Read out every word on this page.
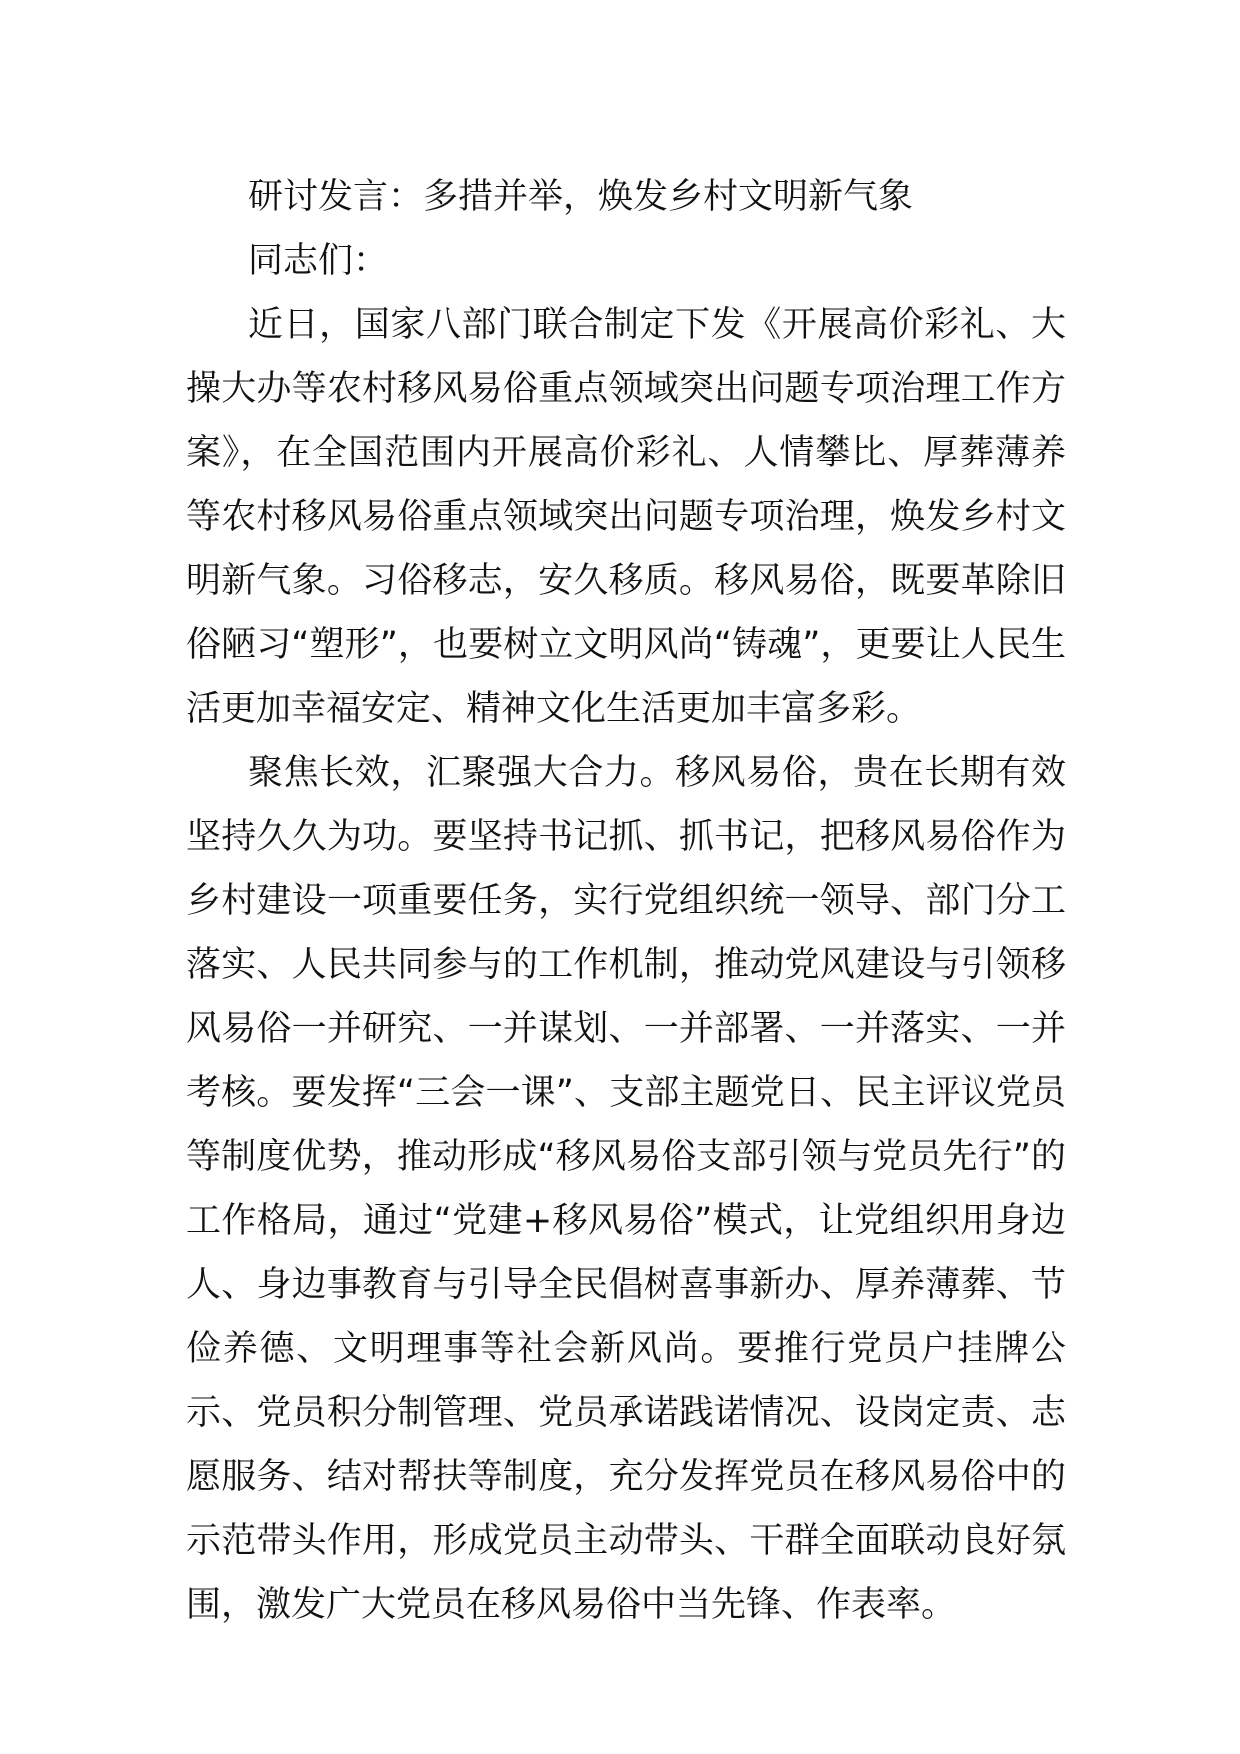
研讨发言：多措并举，焕发乡村文明新气象

同志们：

近日，国家八部门联合制定下发《开展高价彩礼、大操大办等农村移风易俗重点领域突出问题专项治理工作方案》，在全国范围内开展高价彩礼、人情攀比、厚葬薄养等农村移风易俗重点领域突出问题专项治理，焕发乡村文明新气象。习俗移志，安久移质。移风易俗，既要革除旧俗陋习“塑形”，也要树立文明风尚“铸魂”，更要让人民生活更加幸福安定、精神文化生活更加丰富多彩。

聚焦长效，汇聚强大合力。移风易俗，贵在长期有效坚持久久为功。要坚持书记抓、抓书记，把移风易俗作为乡村建设一项重要任务，实行党组织统一领导、部门分工落实、人民共同参与的工作机制，推动党风建设与引领移风易俗一并研究、一并谋划、一并部署、一并落实、一并考核。要发挥“三会一课”、支部主题党日、民主评议党员等制度优势，推动形成“移风易俗支部引领与党员先行”的工作格局，通过“党建+移风易俗”模式，让党组织用身边人、身边事教育与引导全民倡树喜事新办、厚养薄葬、节俭养德、文明理事等社会新风尚。要推行党员户挂牌公示、党员积分制管理、党员承诺践诺情况、设岗定责、志愿服务、结对帮扶等制度，充分发挥党员在移风易俗中的示范带头作用，形成党员主动带头、干群全面联动良好氛围，激发广大党员在移风易俗中当先锋、作表率。
